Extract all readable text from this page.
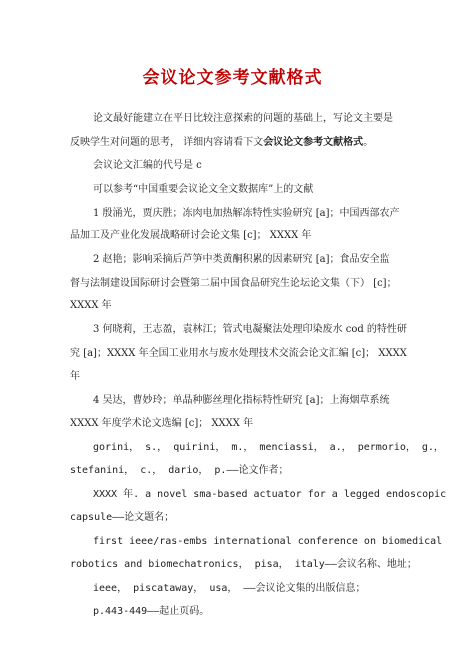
会议论文参考文献格式
论文最好能建立在平日比较注意探索的问题的基础上，写论文主要是
反映学生对问题的思考， 详细内容请看下文会议论文参考文献格式。
会议论文汇编的代号是 c
可以参考“中国重要会议论文全文数据库”上的文献
1 殷涌光，贾庆胜；冻肉电加热解冻特性实验研究 [a]；中国西部农产
品加工及产业化发展战略研讨会论文集 [c]； XXXX 年
2 赵艳；影响采摘后芦笋中类黄酮积累的因素研究 [a]；食品安全监
督与法制建设国际研讨会暨第二届中国食品研究生论坛论文集（下） [c]；
XXXX 年
3 何晓莉，王志盈，袁林江；管式电凝聚法处理印染废水 cod 的特性研
究 [a]；XXXX 年全国工业用水与废水处理技术交流会论文汇编 [c]； XXXX
年
4 吴达，曹妙玲；单晶种膨丝理化指标特性研究 [a]；上海烟草系统
XXXX 年度学术论文选编 [c]； XXXX 年
gorini， s.， quirini， m.， menciassi， a.， permorio， g.，
stefanini， c.， dario， p.——论文作者；
XXXX 年. a novel sma-based actuator for a legged endoscopic
capsule——论文题名；
first ieee/ras-embs international conference on biomedical
robotics and biomechatronics， pisa， italy——会议名称、地址；
ieee， piscataway， usa， ——会议论文集的出版信息；
p.443-449——起止页码。
